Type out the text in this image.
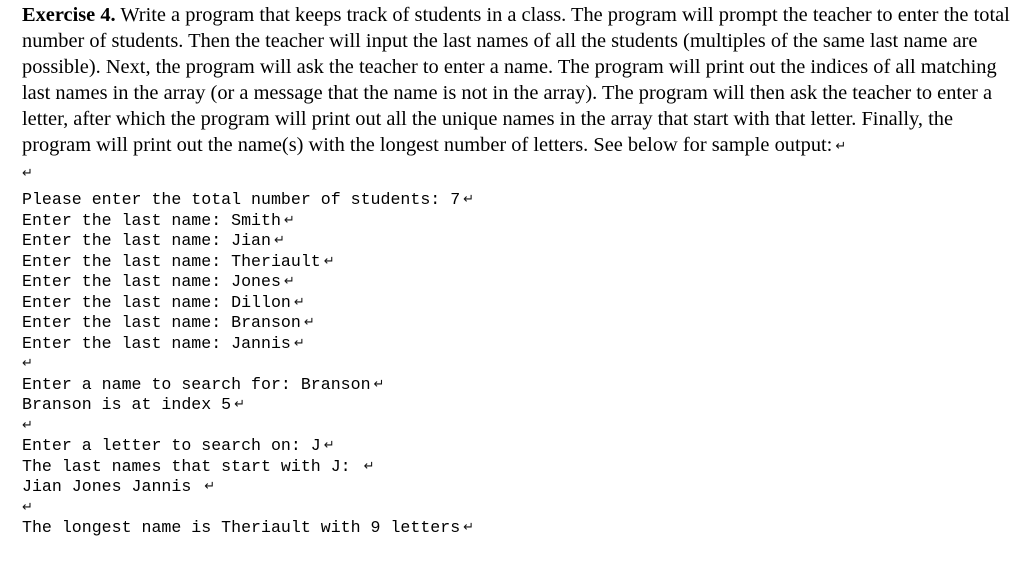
Exercise 4. Write a program that keeps track of students in a class. The program will prompt the teacher to enter the total number of students. Then the teacher will input the last names of all the students (multiples of the same last name are possible). Next, the program will ask the teacher to enter a name. The program will print out the indices of all matching last names in the array (or a message that the name is not in the array). The program will then ask the teacher to enter a letter, after which the program will print out all the unique names in the array that start with that letter. Finally, the program will print out the name(s) with the longest number of letters. See below for sample output: ↵
↵
Please enter the total number of students: 7 ↵
Enter the last name: Smith ↵
Enter the last name: Jian ↵
Enter the last name: Theriault ↵
Enter the last name: Jones ↵
Enter the last name: Dillon ↵
Enter the last name: Branson ↵
Enter the last name: Jannis ↵
↵
Enter a name to search for: Branson ↵
Branson is at index 5 ↵
↵
Enter a letter to search on: J ↵
The last names that start with J: ↵
Jian Jones Jannis ↵
↵
The longest name is Theriault with 9 letters ↵
